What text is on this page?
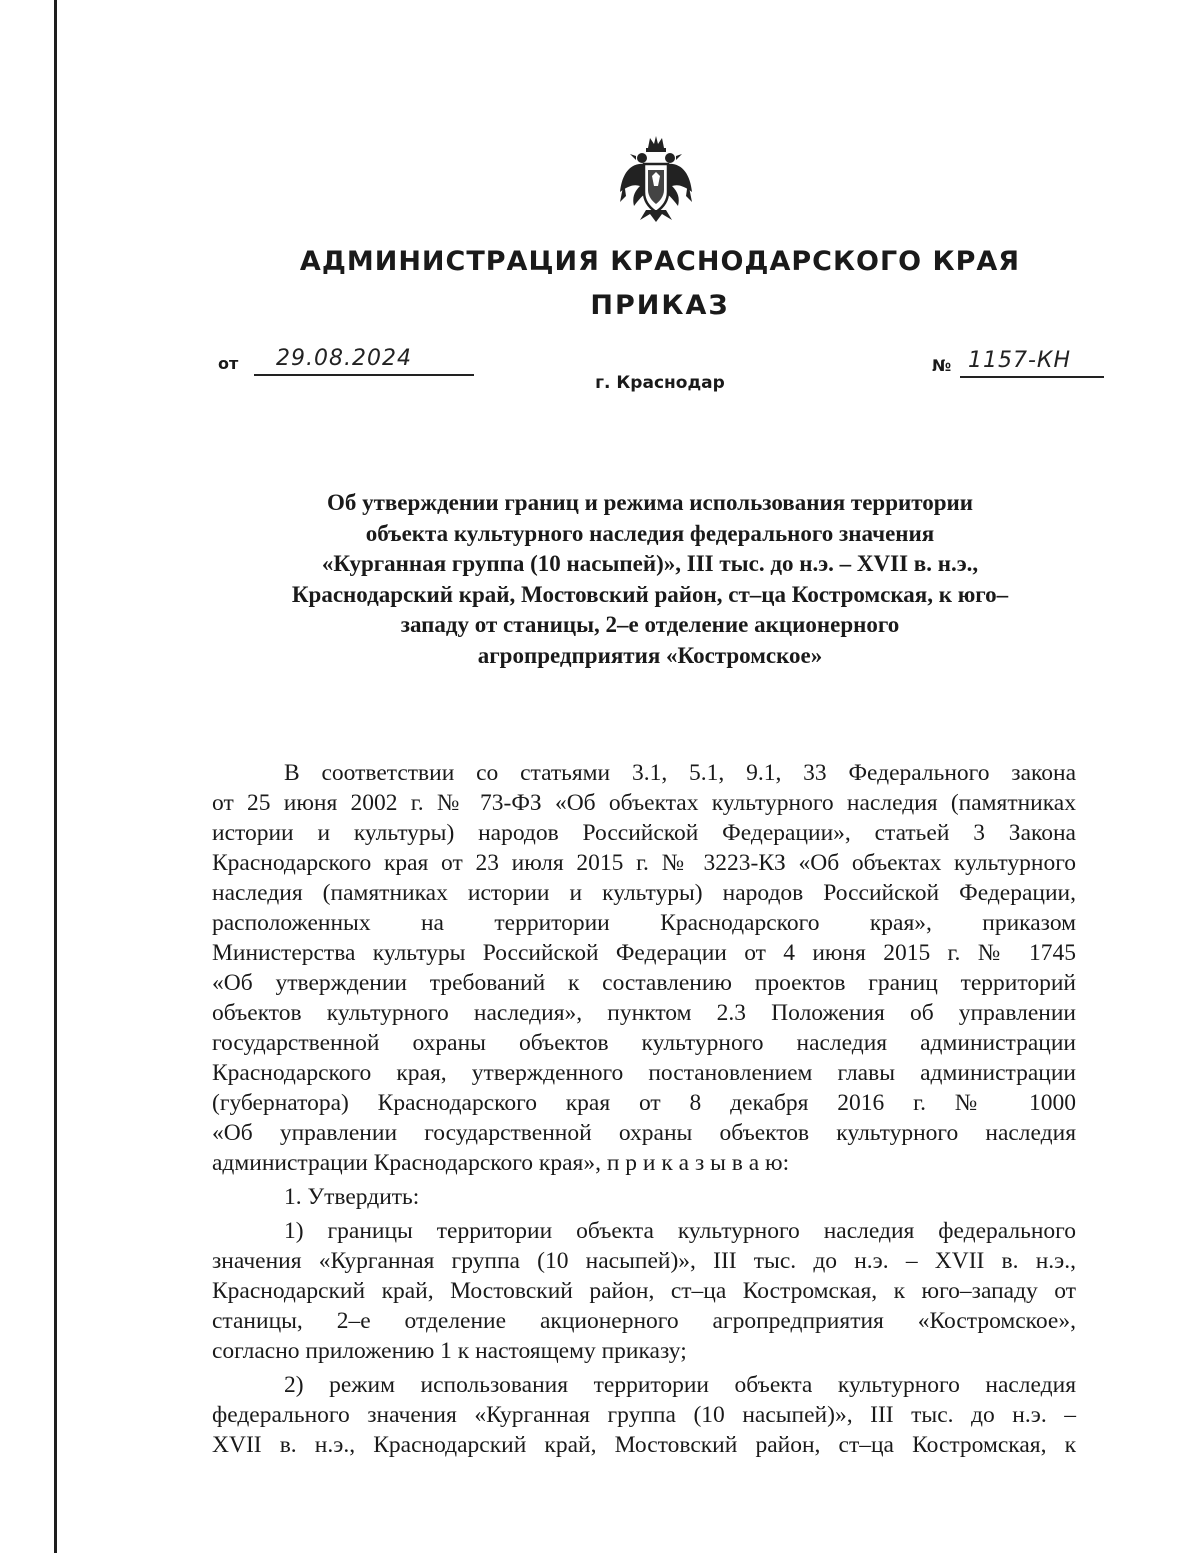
АДМИНИСТРАЦИЯ КРАСНОДАРСКОГО КРАЯ
ПРИКАЗ
от 29.08.2024
г. Краснодар
№ 1157-КН
Об утверждении границ и режима использования территории
объекта культурного наследия федерального значения
«Курганная группа (10 насыпей)», III тыс. до н.э. – XVII в. н.э.,
Краснодарский край, Мостовский район, ст–ца Костромская, к юго–
западу от станицы, 2–е отделение акционерного
агропредприятия «Костромское»

В соответствии со статьями 3.1, 5.1, 9.1, 33 Федерального закона
от 25 июня 2002 г. № 73-ФЗ «Об объектах культурного наследия (памятниках
истории и культуры) народов Российской Федерации», статьей 3 Закона
Краснодарского края от 23 июля 2015 г. № 3223-КЗ «Об объектах культурного
наследия (памятниках истории и культуры) народов Российской Федерации,
расположенных на территории Краснодарского края», приказом
Министерства культуры Российской Федерации от 4 июня 2015 г. № 1745
«Об утверждении требований к составлению проектов границ территорий
объектов культурного наследия», пунктом 2.3 Положения об управлении
государственной охраны объектов культурного наследия администрации
Краснодарского края, утвержденного постановлением главы администрации
(губернатора) Краснодарского края от 8 декабря 2016 г. № 1000
«Об управлении государственной охраны объектов культурного наследия
администрации Краснодарского края», п р и к а з ы в а ю:

1. Утвердить:

1) границы территории объекта культурного наследия федерального
значения «Курганная группа (10 насыпей)», III тыс. до н.э. – XVII в. н.э.,
Краснодарский край, Мостовский район, ст–ца Костромская, к юго–западу от
станицы, 2–е отделение акционерного агропредприятия «Костромское»,
согласно приложению 1 к настоящему приказу;

2) режим использования территории объекта культурного наследия
федерального значения «Курганная группа (10 насыпей)», III тыс. до н.э. –
XVII в. н.э., Краснодарский край, Мостовский район, ст–ца Костромская, к
